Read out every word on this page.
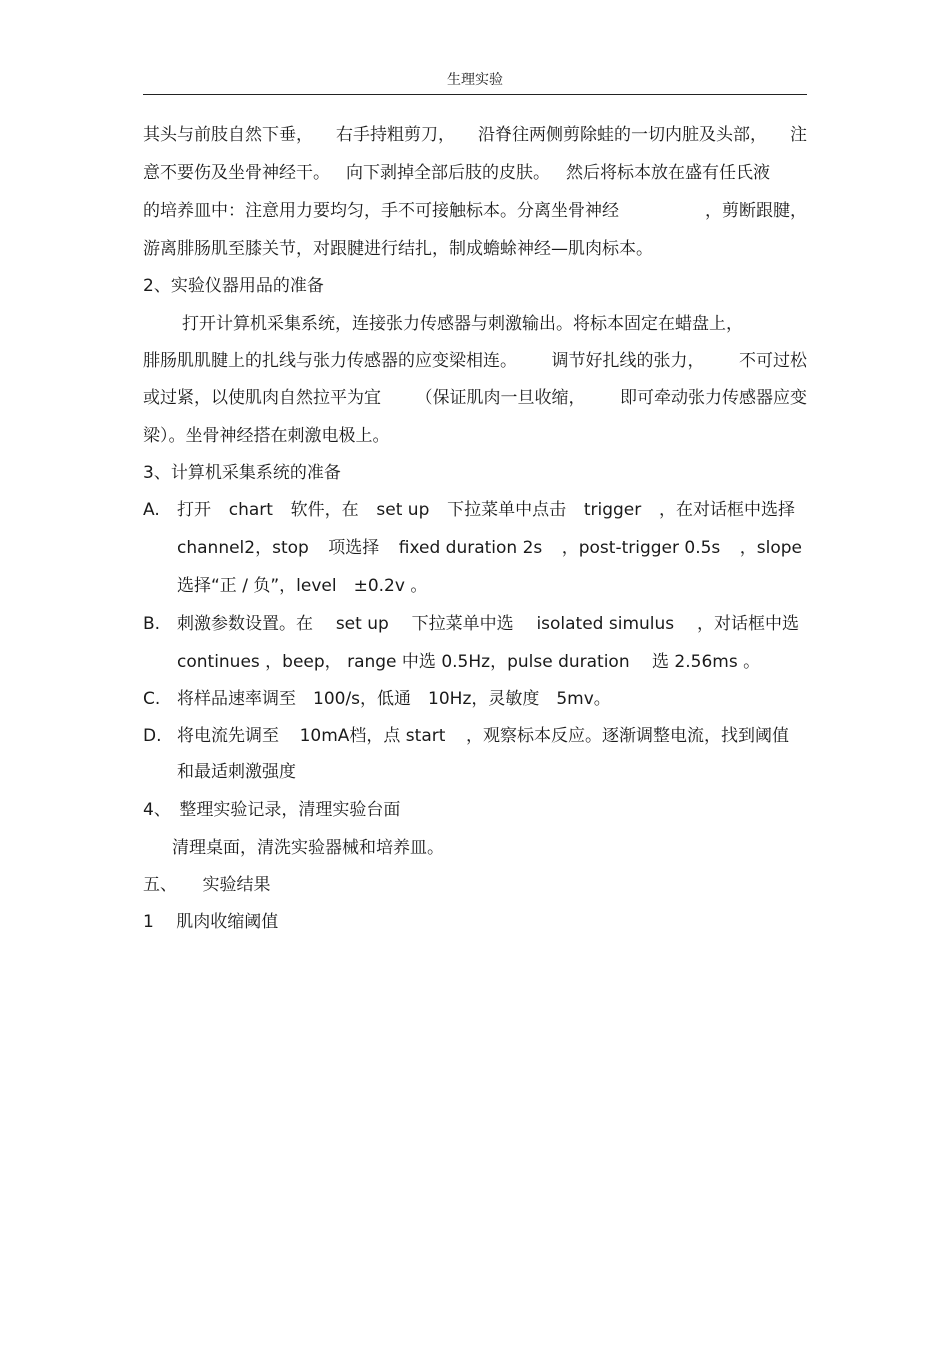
生理实验
其头与前肢自然下垂， 右手持粗剪刀， 沿脊往两侧剪除蛙的一切内脏及头部， 注
意不要伤及坐骨神经干。 向下剥掉全部后肢的皮肤。 然后将标本放在盛有任氏液
的培养皿中：注意用力要均匀，手不可接触标本。分离坐骨神经	，剪断跟腱，
游离腓肠肌至膝关节，对跟腱进行结扎，制成蟾蜍神经—肌肉标本。
2、实验仪器用品的准备
打开计算机采集系统，连接张力传感器与刺激输出。将标本固定在蜡盘上，
腓肠肌肌腱上的扎线与张力传感器的应变梁相连。 调节好扎线的张力， 不可过松
或过紧，以使肌肉自然拉平为宜 （保证肌肉一旦收缩， 即可牵动张力传感器应变
梁）。坐骨神经搭在刺激电极上。
3、计算机采集系统的准备
A. 打开 chart 软件，在 set up 下拉菜单中点击 trigger ，在对话框中选择
channel2，stop 项选择 fixed duration 2s ，post-trigger 0.5s ，slope
选择“正 / 负”，level　±0.2v 。
B. 刺激参数设置。在 set up 下拉菜单中选 isolated simulus ，对话框中选
continues ，beep， range 中选 0.5Hz，pulse duration　 选 2.56ms 。
C. 将样品速率调至　100/s，低通　10Hz，灵敏度　5mv。
D. 将电流先调至 10mA档，点 start ，观察标本反应。逐渐调整电流，找到阈值
和最适刺激强度
4、　整理实验记录，清理实验台面
清理桌面，清洗实验器械和培养皿。
五、　　实验结果
1　 肌肉收缩阈值
